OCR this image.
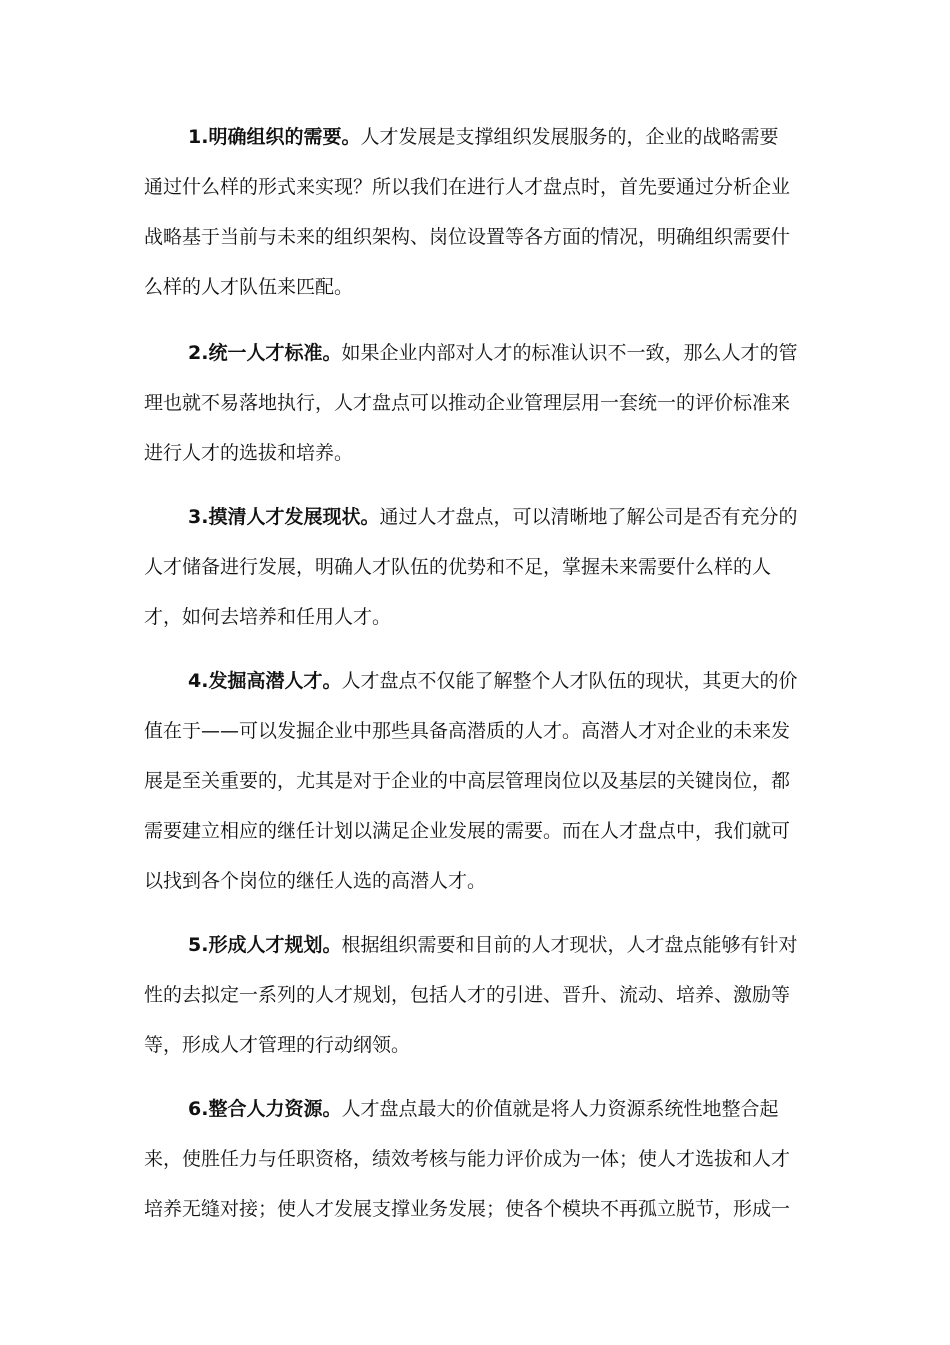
1.明确组织的需要。人才发展是支撑组织发展服务的，企业的战略需要
通过什么样的形式来实现？所以我们在进行人才盘点时，首先要通过分析企业
战略基于当前与未来的组织架构、岗位设置等各方面的情况，明确组织需要什
么样的人才队伍来匹配。
2.统一人才标准。如果企业内部对人才的标准认识不一致，那么人才的管
理也就不易落地执行，人才盘点可以推动企业管理层用一套统一的评价标准来
进行人才的选拔和培养。
3.摸清人才发展现状。通过人才盘点，可以清晰地了解公司是否有充分的
人才储备进行发展，明确人才队伍的优势和不足，掌握未来需要什么样的人
才，如何去培养和任用人才。
4.发掘高潜人才。人才盘点不仅能了解整个人才队伍的现状，其更大的价
值在于——可以发掘企业中那些具备高潜质的人才。高潜人才对企业的未来发
展是至关重要的，尤其是对于企业的中高层管理岗位以及基层的关键岗位，都
需要建立相应的继任计划以满足企业发展的需要。而在人才盘点中，我们就可
以找到各个岗位的继任人选的高潜人才。
5.形成人才规划。根据组织需要和目前的人才现状，人才盘点能够有针对
性的去拟定一系列的人才规划，包括人才的引进、晋升、流动、培养、激励等
等，形成人才管理的行动纲领。
6.整合人力资源。人才盘点最大的价值就是将人力资源系统性地整合起
来，使胜任力与任职资格，绩效考核与能力评价成为一体；使人才选拔和人才
培养无缝对接；使人才发展支撑业务发展；使各个模块不再孤立脱节，形成一
